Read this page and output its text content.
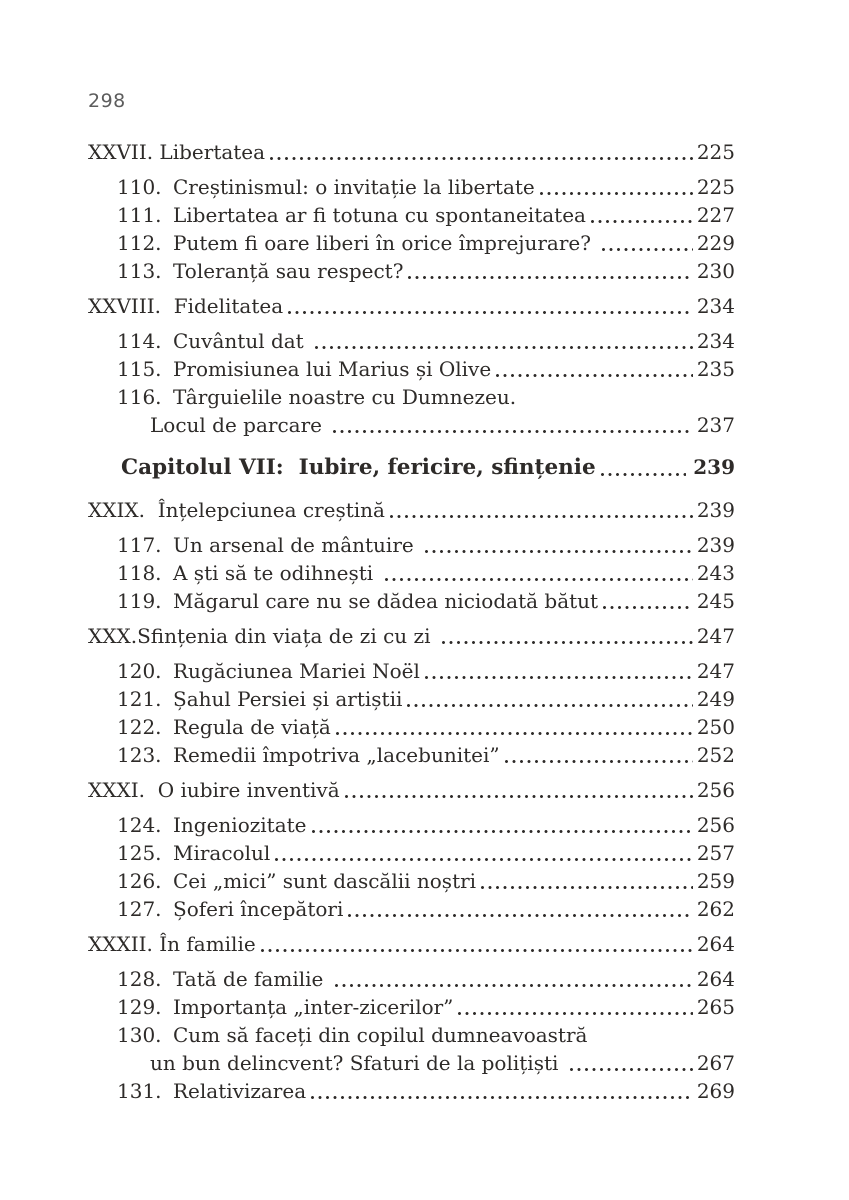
298
XXVII. Libertatea	225
110. Creștinismul: o invitație la libertate	225
111. Libertatea ar fi totuna cu spontaneitatea	227
112. Putem fi oare liberi în orice împrejurare?	229
113. Toleranță sau respect?	230
XXVIII.  Fidelitatea	234
114. Cuvântul dat	234
115. Promisiunea lui Marius și Olive	235
116. Târguielile noastre cu Dumnezeu.
Locul de parcare	237
Capitolul VII:  Iubire, fericire, sfințenie	239
XXIX.  Înțelepciunea creștină	239
117. Un arsenal de mântuire	239
118. A ști să te odihnești	243
119. Măgarul care nu se dădea niciodată bătut	245
XXX.Sfințenia din viața de zi cu zi	247
120. Rugăciunea Mariei Noël	247
121. Șahul Persiei și artiștii	249
122. Regula de viață	250
123. Remedii împotriva „lacebunitei”	252
XXXI.  O iubire inventivă	256
124. Ingeniozitate	256
125. Miracolul	257
126. Cei „mici” sunt dascălii noștri	259
127. Șoferi începători	262
XXXII. În familie	264
128. Tată de familie	264
129. Importanța „inter-zicerilor”	265
130. Cum să faceți din copilul dumneavoastră
un bun delincvent? Sfaturi de la polițiști	267
131. Relativizarea	269
